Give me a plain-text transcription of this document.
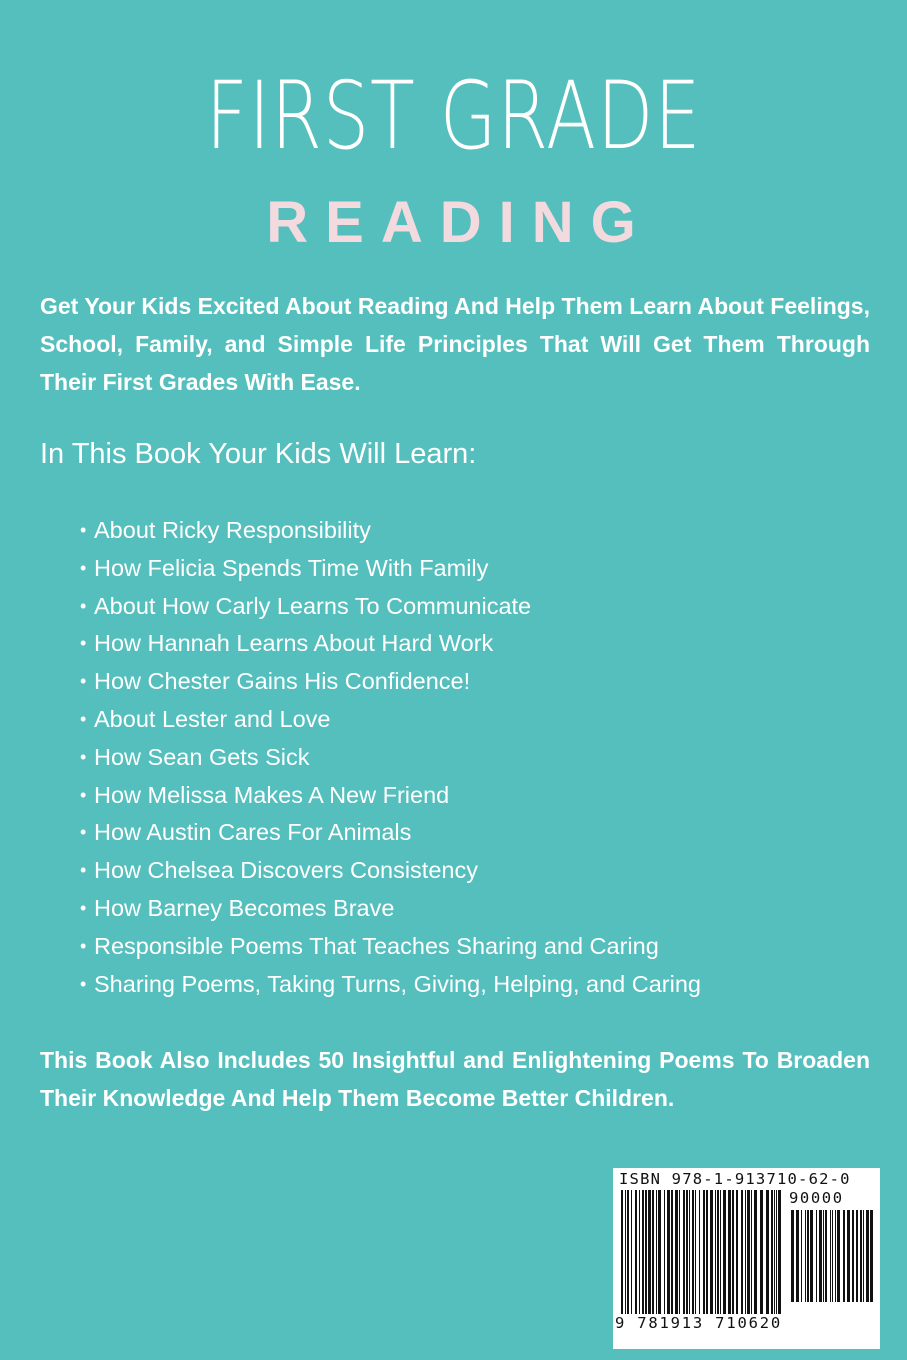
FIRST GRADE
READING
Get Your Kids Excited About Reading And Help Them Learn About Feelings, School, Family, and Simple Life Principles That Will Get Them Through Their First Grades With Ease.
In This Book Your Kids Will Learn:
• About Ricky Responsibility
• How Felicia Spends Time With Family
• About How Carly Learns To Communicate
• How Hannah Learns About Hard Work
• How Chester Gains His Confidence!
• About Lester and Love
• How Sean Gets Sick
• How Melissa Makes A New Friend
• How Austin Cares For Animals
• How Chelsea Discovers Consistency
• How Barney Becomes Brave
• Responsible Poems That Teaches Sharing and Caring
• Sharing Poems, Taking Turns, Giving, Helping, and Caring
This Book Also Includes 50 Insightful and Enlightening Poems To Broaden Their Knowledge And Help Them Become Better Children.
ISBN 978-1-913710-62-0
90000
9 781913 710620
